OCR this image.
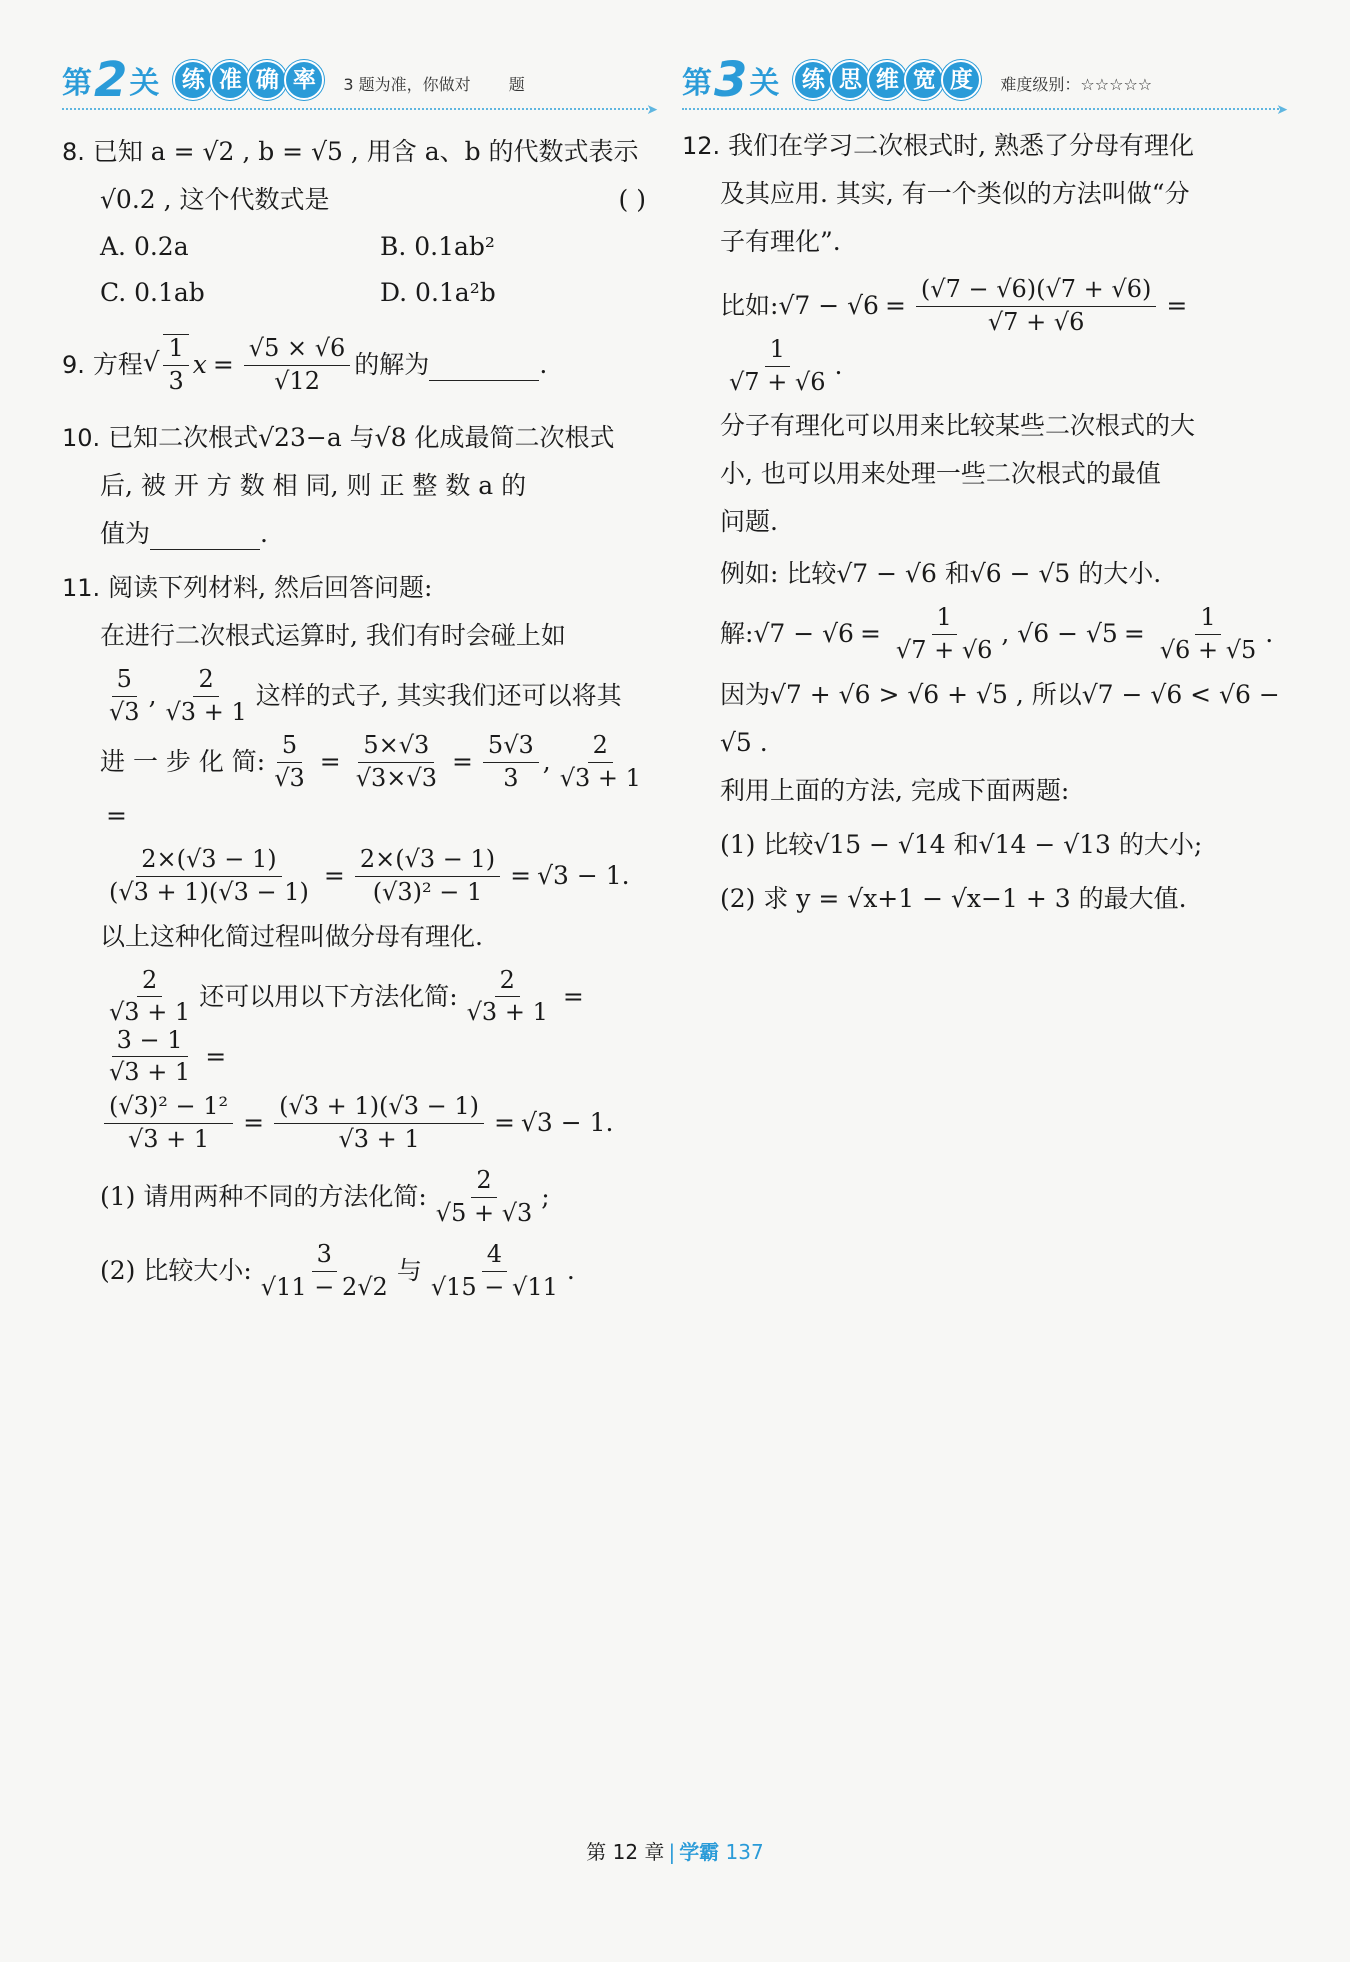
第 2 关 练 准 确 率	3 题为准，你做对 题
➤
8.
已知 a = √2 , b = √5 , 用含 a、b 的代数式表示
√0.2 , 这个代数式是	( )
A. 0.2a	B. 0.1ab²
C. 0.1ab	D. 0.1a²b
9.
方程 √ $\frac{1}{3}$ $x = \frac{√5 \times √6}{√12}$ 的解为	.
10.
已知二次根式√23−a 与√8 化成最简二次根式
后, 被 开 方 数 相 同, 则 正 整 数 a 的
值为	.
11.
阅读下列材料, 然后回答问题:
在进行二次根式运算时, 我们有时会碰上如
$\frac{5}{√3}$ , $\frac{2}{√3 + 1}$ 这样的式子, 其实我们还可以将其
进 一 步 化 简: $\frac{5}{√3} = \frac{5\times√3}{√3\times√3} = \frac{5√3}{3}$ , $\frac{2}{√3 + 1}$
=
$\frac{2\times(√3 - 1)}{(√3 + 1)(√3 - 1)} = \frac{2\times(√3 - 1)}{\text{(√3)² − 1}} = √3 - 1$.
以上这种化简过程叫做分母有理化.
$\frac{2}{√3 + 1}$ 还可以用以下方法化简: $\frac{2}{√3 + 1}$ =
$\frac{3 - 1}{√3 + 1}$ =
$\frac{\text{(√3)² − 1²}}{√3 + 1} = \frac{(√3 + 1)(√3 - 1)}{√3 + 1} = √3 - 1$.
(1) 请用两种不同的方法化简: $\frac{2}{√5 + √3}$ ;
(2) 比较大小: $\frac{3}{√11 - 2√2}$ 与 $\frac{4}{√15 - √11}$ .
第 3 关 练 思 维 宽 度	难度级别：☆☆☆☆☆
➤
12.
我们在学习二次根式时, 熟悉了分母有理化
及其应用. 其实, 有一个类似的方法叫做“分
子有理化”.
比如: $√7 - √6 = \frac{(√7 - √6)(√7 + √6)}{√7 + √6}$ =
$\frac{1}{√7 + √6}$ .
分子有理化可以用来比较某些二次根式的大
小, 也可以用来处理一些二次根式的最值
问题.
例如: 比较√7 − √6 和√6 − √5 的大小.
解: $√7 - √6 = \frac{1}{√7 + √6}$ , $√6 - √5 = \frac{1}{√6 + √5}$ .
因为√7 + √6 > √6 + √5 , 所以√7 − √6 < √6 − √5 .
利用上面的方法, 完成下面两题:
(1) 比较√15 − √14 和√14 − √13 的大小;
(2) 求 y = √x+1 − √x−1 + 3 的最大值.
第 12 章 | 学霸 137
